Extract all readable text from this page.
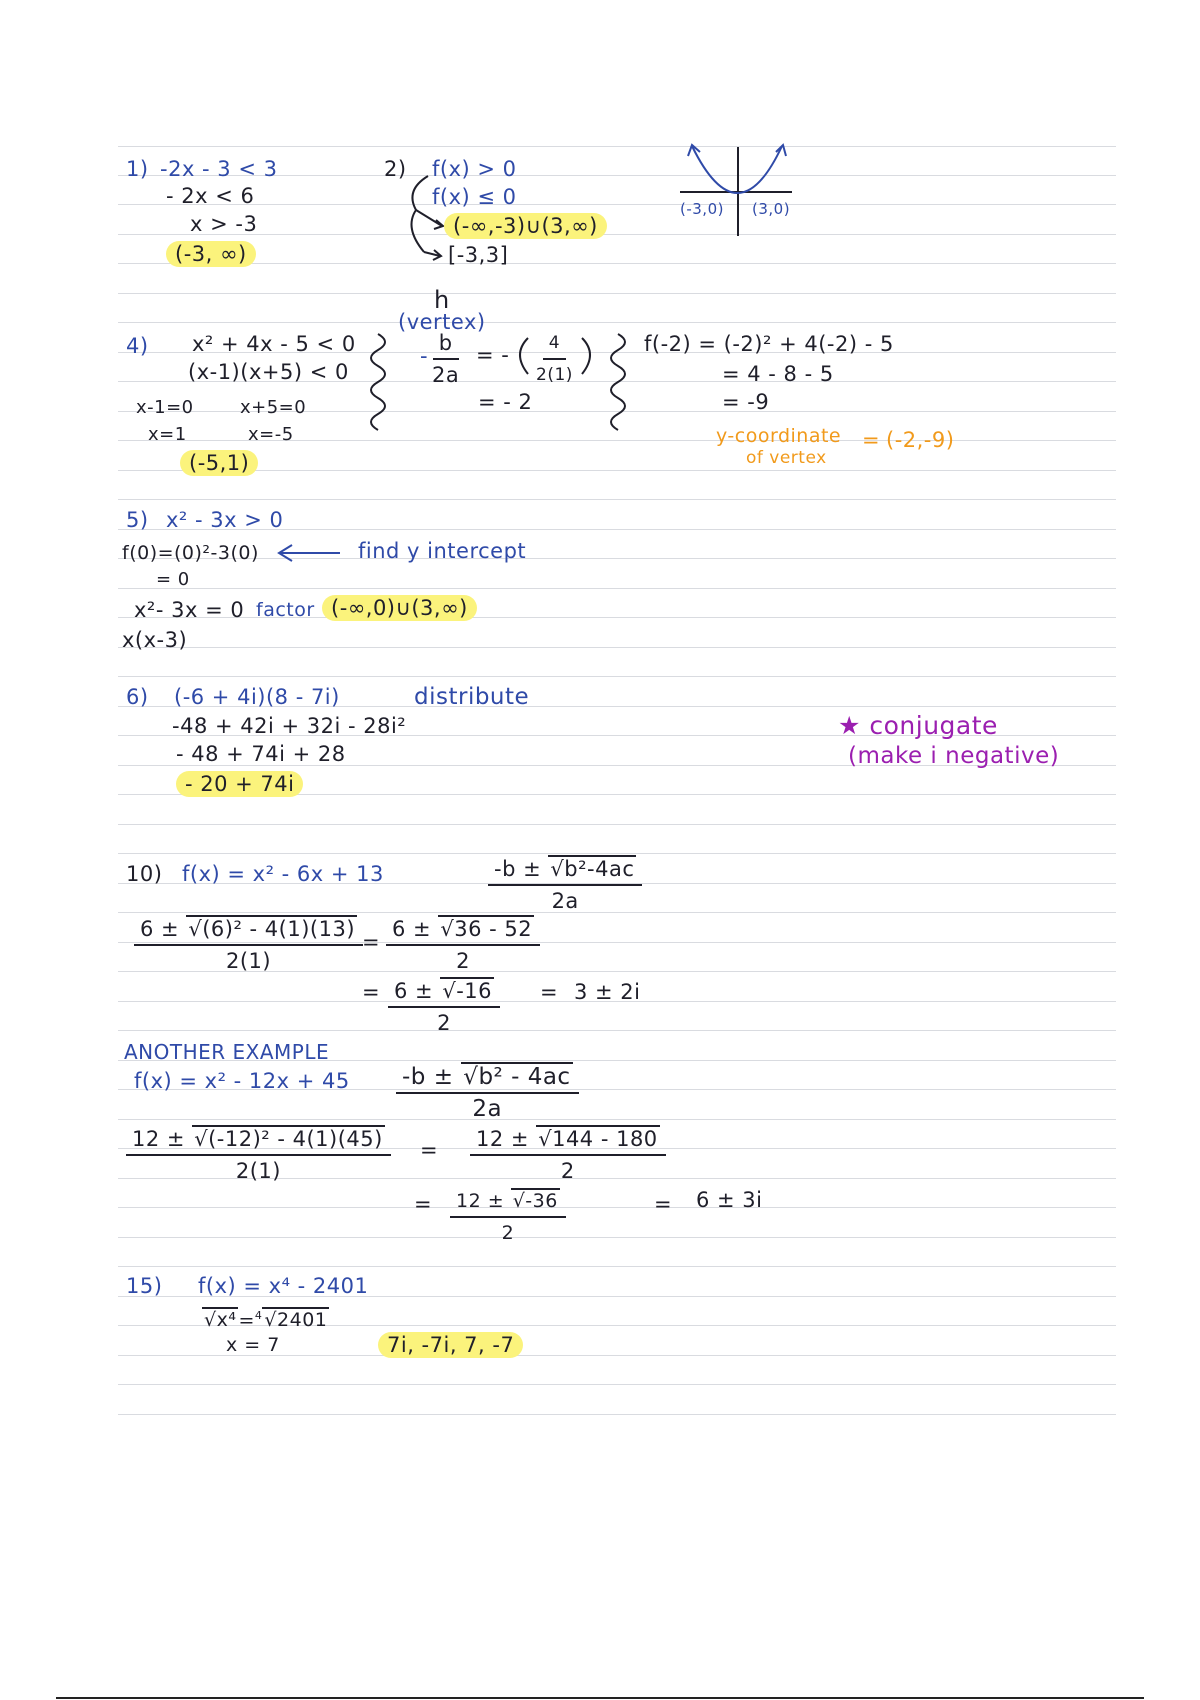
1) -2x - 3 < 3
- 2x < 6
x > -3
(-3, ∞)
2) f(x) > 0
f(x) ≤ 0
(-∞,-3)∪(3,∞)
[-3,3]
(-3,0) (3,0)
4) x² + 4x - 5 < 0
(x-1)(x+5) < 0
x-1=0	x+5=0
x=1	x=-5
(-5,1)
h
(vertex)
- $\frac{b}{2a}$ = - $\frac{4}{2(1)}$
= - 2
f(-2) = (-2)² + 4(-2) - 5
= 4 - 8 - 5
= -9
y-coordinate
of vertex
= (-2,-9)
5) x² - 3x > 0
f(0)=(0)²-3(0)	find y intercept
= 0
x²- 3x = 0 factor (-∞,0)∪(3,∞)
x(x-3)
6) (-6 + 4i)(8 - 7i)	distribute
-48 + 42i + 32i - 28i²
- 48 + 74i + 28
- 20 + 74i
★ conjugate
(make i negative)
10) f(x) = x² - 6x + 13	$\frac{\text{-b ± √ b²-4ac}}{2a}$
$\frac{\text{6 ± √ (6)² - 4(1)(13)}}{2(1)}$
= $\frac{6 \pm √ 36 - 52}{2}$
= $\frac{6 \pm √ -16}{2} = 3 \pm 2i$
ANOTHER EXAMPLE
$f(x) = x^2 - 12x + 45 \frac{\text{-b ± √ b² - 4ac}}{2a}$
$\frac{\text{12 ± √ (-12)² - 4(1)(45)}}{2(1)} = \frac{12 \pm √ 144 - 180}{2}$
= $\frac{12 \pm √ -36}{2}$	= 6 ± 3i
15) f(x) = x⁴ - 2401
√ x⁴ =$^4$ √ 2401
x = 7	7i, -7i, 7, -7
